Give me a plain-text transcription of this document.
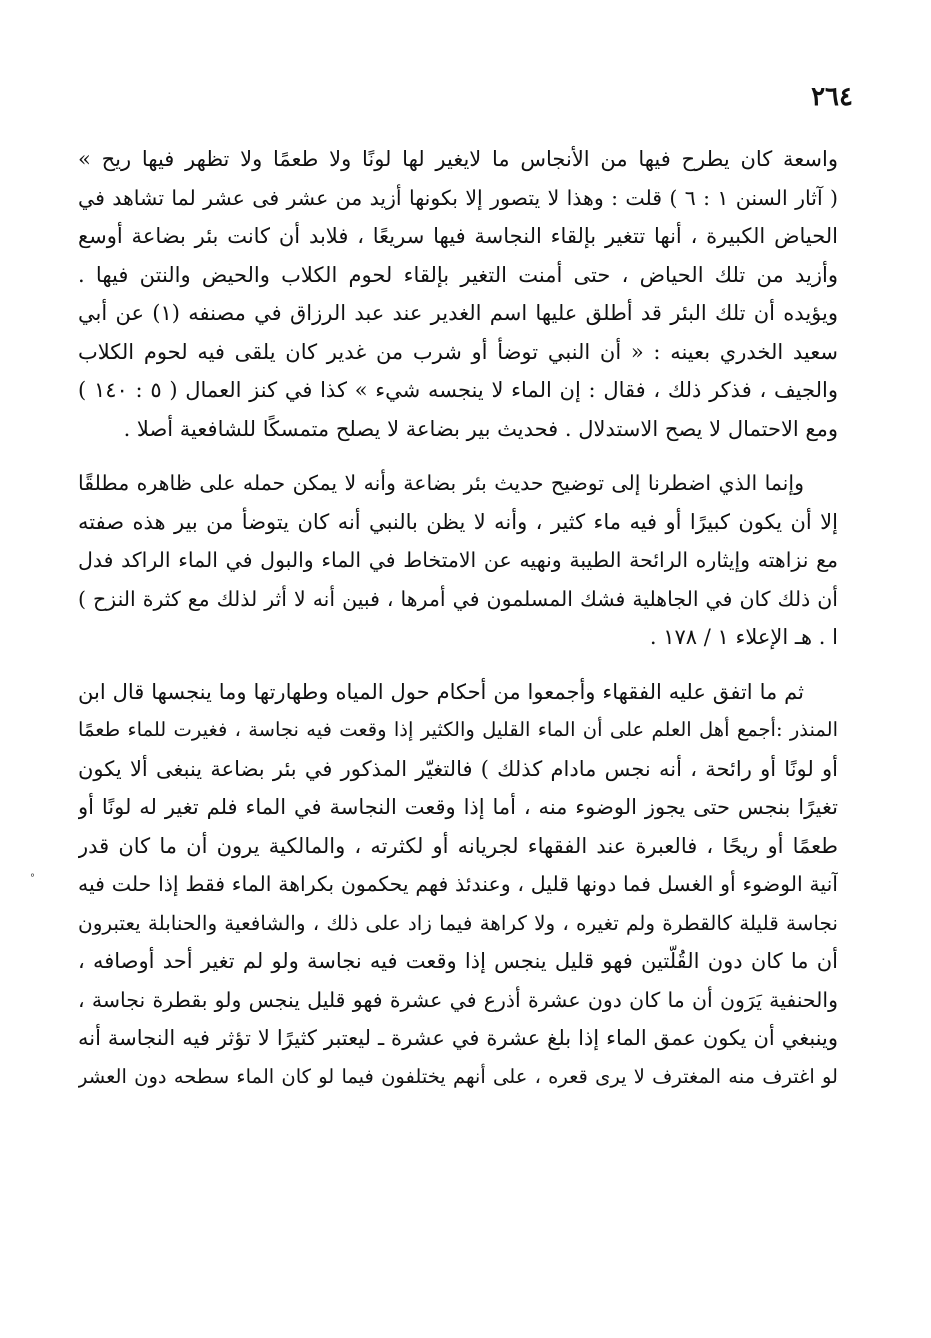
٢٦٤
واسعة كان يطرح فيها من الأنجاس ما لايغير لها لونًا ولا طعمًا ولا تظهر فيها ريح »
( آثار السنن ١ : ٦ ) قلت : وهذا لا يتصور إلا بكونها أزيد من عشر فى عشر لما تشاهد في
الحياض الكبيرة ، أنها تتغير بإلقاء النجاسة فيها سريعًا ، فلابد أن كانت بئر بضاعة أوسع
وأزيد من تلك الحياض ، حتى أمنت التغير بإلقاء لحوم الكلاب والحيض والنتن فيها .
ويؤيده أن تلك البئر قد أطلق عليها اسم الغدير عند عبد الرزاق في مصنفه (١) عن أبي
سعيد الخدري بعينه : « أن النبي توضأ أو شرب من غدير كان يلقى فيه لحوم الكلاب
والجيف ، فذكر ذلك ، فقال : إن الماء لا ينجسه شيء » كذا في كنز العمال ( ٥ : ١٤٠ )
ومع الاحتمال لا يصح الاستدلال . فحديث بير بضاعة لا يصلح متمسكًا للشافعية أصلا .
وإنما الذي اضطرنا إلى توضيح حديث بئر بضاعة وأنه لا يمكن حمله على ظاهره مطلقًا
إلا أن يكون كبيرًا أو فيه ماء كثير ، وأنه لا يظن بالنبي أنه كان يتوضأ من بير هذه صفته
مع نزاهته وإيثاره الرائحة الطيبة ونهيه عن الامتخاط في الماء والبول في الماء الراكد فدل
أن ذلك كان في الجاهلية فشك المسلمون في أمرها ، فبين أنه لا أثر لذلك مع كثرة النزح )
ا . هـ الإعلاء ١ / ١٧٨ .
ثم ما اتفق عليه الفقهاء وأجمعوا من أحكام حول المياه وطهارتها وما ينجسها قال ابن
المنذر :أجمع أهل العلم على أن الماء القليل والكثير إذا وقعت فيه نجاسة ، فغيرت للماء طعمًا
أو لونًا أو رائحة ، أنه نجس مادام كذلك ) فالتغيّر المذكور في بئر بضاعة ينبغى ألا يكون
تغيرًا بنجس حتى يجوز الوضوء منه ، أما إذا وقعت النجاسة في الماء فلم تغير له لونًا أو
طعمًا أو ريحًا ، فالعبرة عند الفقهاء لجريانه أو لكثرته ، والمالكية يرون أن ما كان قدر
آنية الوضوء أو الغسل فما دونها قليل ، وعندئذ فهم يحكمون بكراهة الماء فقط إذا حلت فيه
نجاسة قليلة كالقطرة ولم تغيره ، ولا كراهة فيما زاد على ذلك ، والشافعية والحنابلة يعتبرون
أن ما كان دون القُلّتين فهو قليل ينجس إذا وقعت فيه نجاسة ولو لم تغير أحد أوصافه ،
والحنفية يَرَون أن ما كان دون عشرة أذرع في عشرة فهو قليل ينجس ولو بقطرة نجاسة ،
وينبغي أن يكون عمق الماء إذا بلغ عشرة في عشرة ـ ليعتبر كثيرًا لا تؤثر فيه النجاسة أنه
لو اغترف منه المغترف لا يرى قعره ، على أنهم يختلفون فيما لو كان الماء سطحه دون العشر
°
